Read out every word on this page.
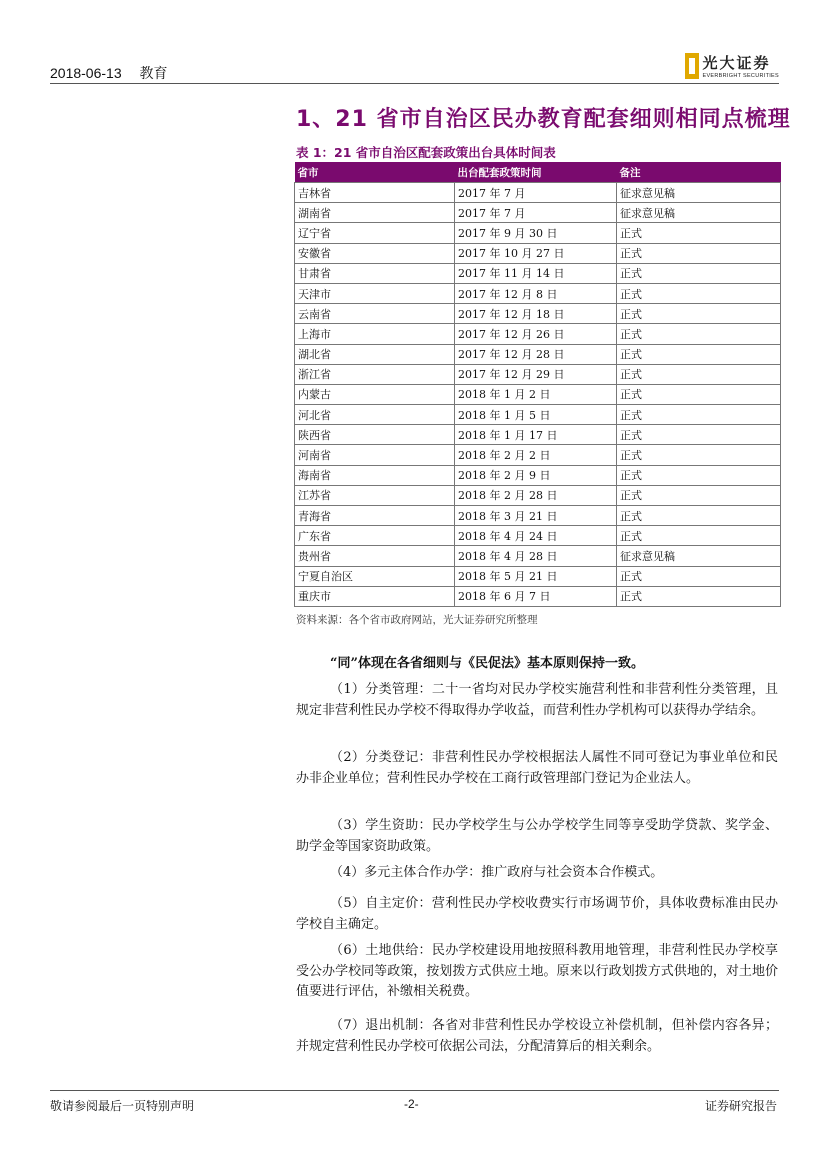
2018-06-13 教育
光大证券
EVERBRIGHT SECURITIES
1、21 省市自治区民办教育配套细则相同点梳理
表 1：21 省市自治区配套政策出台具体时间表
省市	出台配套政策时间	备注
吉林省	2017 年 7 月	征求意见稿
湖南省	2017 年 7 月	征求意见稿
辽宁省	2017 年 9 月 30 日	正式
安徽省	2017 年 10 月 27 日	正式
甘肃省	2017 年 11 月 14 日	正式
天津市	2017 年 12 月 8 日	正式
云南省	2017 年 12 月 18 日	正式
上海市	2017 年 12 月 26 日	正式
湖北省	2017 年 12 月 28 日	正式
浙江省	2017 年 12 月 29 日	正式
内蒙古	2018 年 1 月 2 日	正式
河北省	2018 年 1 月 5 日	正式
陕西省	2018 年 1 月 17 日	正式
河南省	2018 年 2 月 2 日	正式
海南省	2018 年 2 月 9 日	正式
江苏省	2018 年 2 月 28 日	正式
青海省	2018 年 3 月 21 日	正式
广东省	2018 年 4 月 24 日	正式
贵州省	2018 年 4 月 28 日	征求意见稿
宁夏自治区	2018 年 5 月 21 日	正式
重庆市	2018 年 6 月 7 日	正式
资料来源：各个省市政府网站，光大证券研究所整理
“同”体现在各省细则与《民促法》基本原则保持一致。
（1）分类管理：二十一省均对民办学校实施营利性和非营利性分类管理，且规定非营利性民办学校不得取得办学收益，而营利性办学机构可以获得办学结余。
（2）分类登记：非营利性民办学校根据法人属性不同可登记为事业单位和民办非企业单位；营利性民办学校在工商行政管理部门登记为企业法人。
（3）学生资助：民办学校学生与公办学校学生同等享受助学贷款、奖学金、助学金等国家资助政策。
（4）多元主体合作办学：推广政府与社会资本合作模式。
（5）自主定价：营利性民办学校收费实行市场调节价，具体收费标准由民办学校自主确定。
（6）土地供给：民办学校建设用地按照科教用地管理，非营利性民办学校享受公办学校同等政策，按划拨方式供应土地。原来以行政划拨方式供地的，对土地价值要进行评估，补缴相关税费。
（7）退出机制：各省对非营利性民办学校设立补偿机制，但补偿内容各异；并规定营利性民办学校可依据公司法，分配清算后的相关剩余。
敬请参阅最后一页特别声明	-2-	证券研究报告
